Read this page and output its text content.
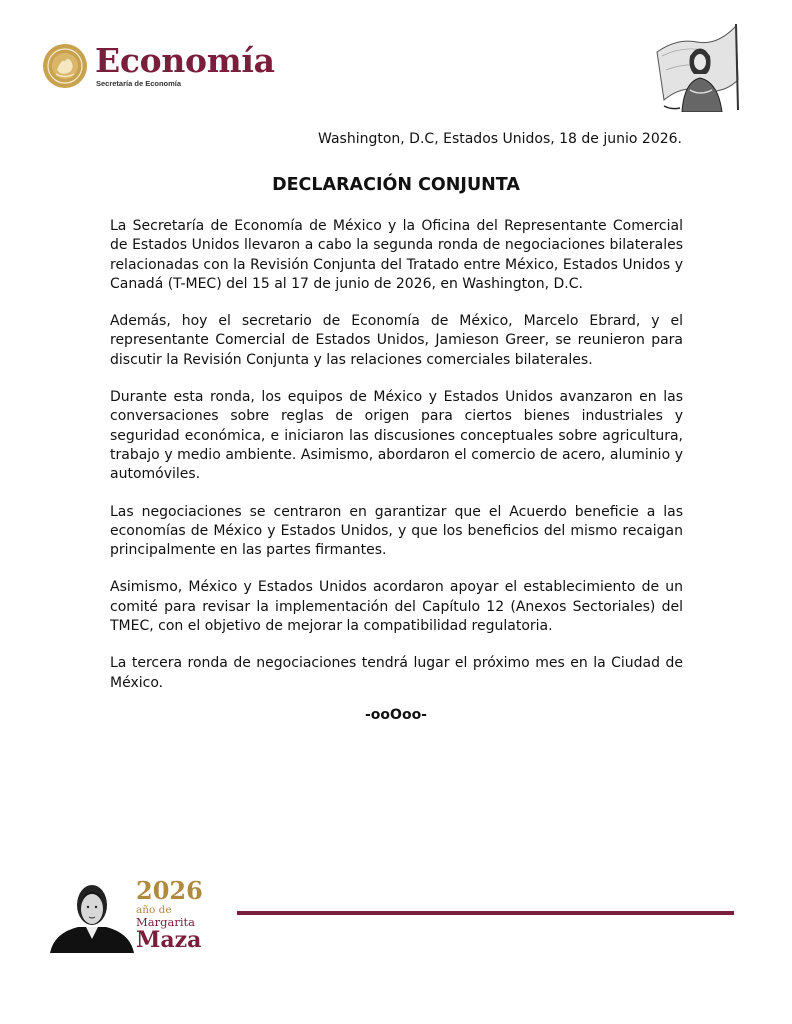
Economía
Secretaría de Economía
Washington, D.C, Estados Unidos, 18 de junio 2026.
DECLARACIÓN CONJUNTA

La Secretaría de Economía de México y la Oficina del Representante Comercial de Estados Unidos llevaron a cabo la segunda ronda de negociaciones bilaterales relacionadas con la Revisión Conjunta del Tratado entre México, Estados Unidos y Canadá (T-MEC) del 15 al 17 de junio de 2026, en Washington, D.C.

Además, hoy el secretario de Economía de México, Marcelo Ebrard, y el representante Comercial de Estados Unidos, Jamieson Greer, se reunieron para discutir la Revisión Conjunta y las relaciones comerciales bilaterales.

Durante esta ronda, los equipos de México y Estados Unidos avanzaron en las conversaciones sobre reglas de origen para ciertos bienes industriales y seguridad económica, e iniciaron las discusiones conceptuales sobre agricultura, trabajo y medio ambiente. Asimismo, abordaron el comercio de acero, aluminio y automóviles.

Las negociaciones se centraron en garantizar que el Acuerdo beneficie a las economías de México y Estados Unidos, y que los beneficios del mismo recaigan principalmente en las partes firmantes.

Asimismo, México y Estados Unidos acordaron apoyar el establecimiento de un comité para revisar la implementación del Capítulo 12 (Anexos Sectoriales) del TMEC, con el objetivo de mejorar la compatibilidad regulatoria.

La tercera ronda de negociaciones tendrá lugar el próximo mes en la Ciudad de México.

-ooOoo-
2026
año de
Margarita
Maza
